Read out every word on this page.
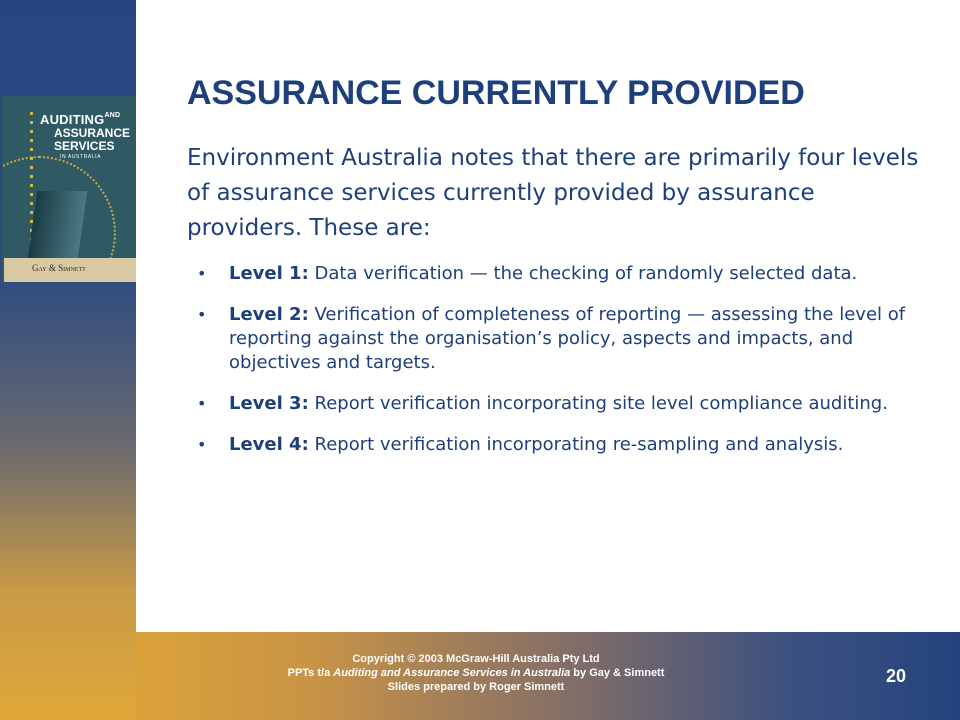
$AUDITING^{AND}$
ASSURANCE
SERVICES
IN AUSTRALIA
Gay & Simnett
ASSURANCE CURRENTLY PROVIDED

Environment Australia notes that there are primarily four levels of assurance services currently provided by assurance providers. These are:

• Level 1: Data verification — the checking of randomly selected data.
• Level 2: Verification of completeness of reporting — assessing the level of reporting against the organisation’s policy, aspects and impacts, and objectives and targets.
• Level 3: Report verification incorporating site level compliance auditing.
• Level 4: Report verification incorporating re-sampling and analysis.
Copyright © 2003 McGraw-Hill Australia Pty Ltd
PPTs t/a Auditing and Assurance Services in Australia by Gay & Simnett
Slides prepared by Roger Simnett
20
